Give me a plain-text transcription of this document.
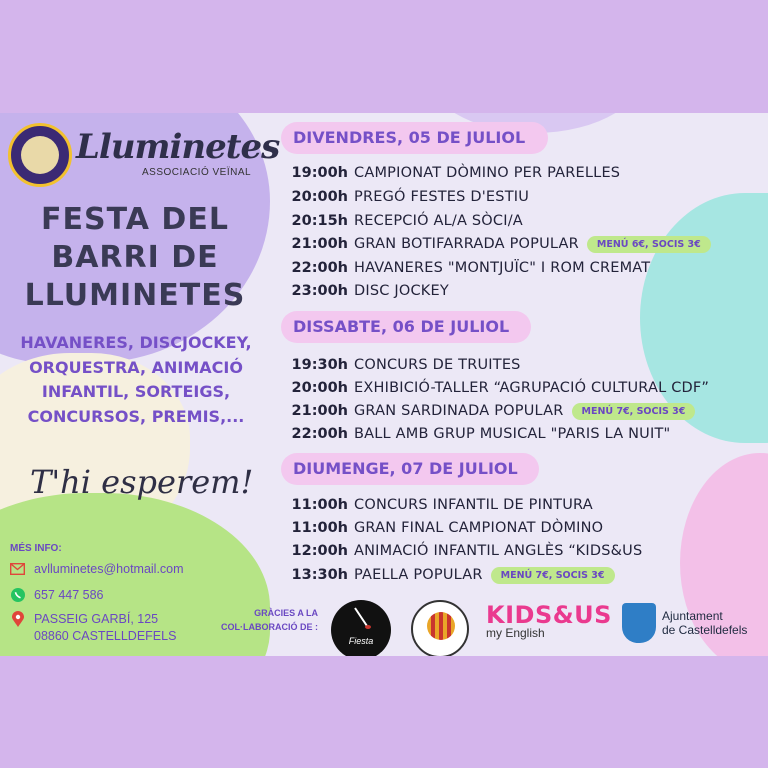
Lluminetes
ASSOCIACIÓ VEÏNAL
FESTA DEL
BARRI DE
LLUMINETES
HAVANERES, DISCJOCKEY, ORQUESTRA, ANIMACIÓ INFANTIL, SORTEIGS, CONCURSOS, PREMIS,...
T'hi esperem!
MÉS INFO:
avlluminetes@hotmail.com
657 447 586
PASSEIG GARBÍ, 125
08860 CASTELLDEFELS
DIVENDRES, 05 DE JULIOL
19:00h CAMPIONAT DÒMINO PER PARELLES
20:00h PREGÓ FESTES D'ESTIU
20:15h RECEPCIÓ AL/A SÒCI/A
21:00h GRAN BOTIFARRADA POPULAR	MENÚ 6€, SOCIS 3€
22:00h HAVANERES "MONTJUÏC" I ROM CREMAT
23:00h DISC JOCKEY
DISSABTE, 06 DE JULIOL
19:30h CONCURS DE TRUITES
20:00h EXHIBICIÓ-TALLER “AGRUPACIÓ CULTURAL CDF”
21:00h GRAN SARDINADA POPULAR	MENÚ 7€, SOCIS 3€
22:00h BALL AMB GRUP MUSICAL "PARIS LA NUIT"
DIUMENGE, 07 DE JULIOL
11:00h CONCURS INFANTIL DE PINTURA
11:00h GRAN FINAL CAMPIONAT DÒMINO
12:00h ANIMACIÓ INFANTIL ANGLÈS “KIDS&US
13:30h PAELLA POPULAR	MENÚ 7€, SOCIS 3€
GRÀCIES A LA
COL·LABORACIÓ DE :
Fiesta
KIDS&US
my English
Ajuntament
de Castelldefels
